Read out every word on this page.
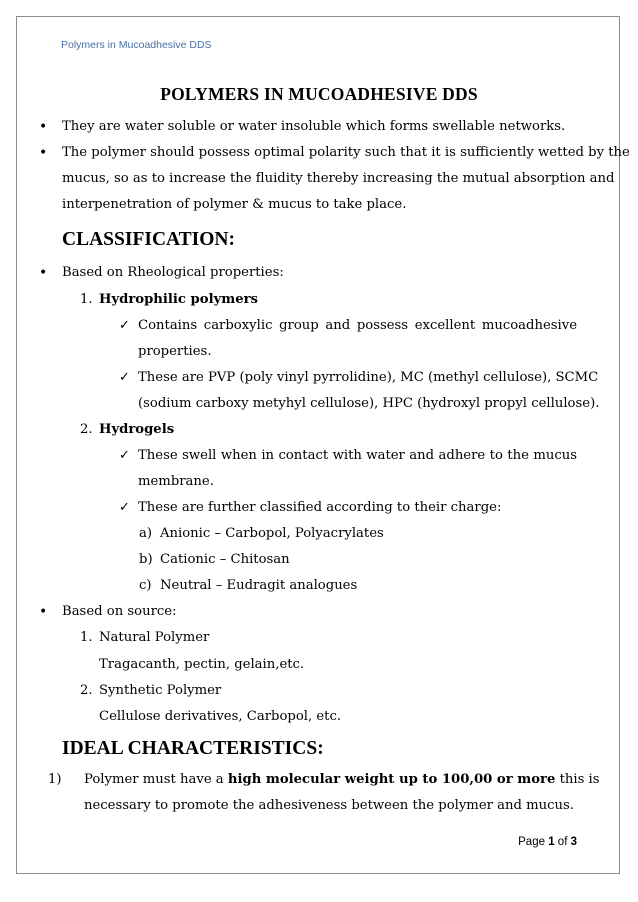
Polymers in Mucoadhesive DDS
POLYMERS IN MUCOADHESIVE DDS
• They are water soluble or water insoluble which forms swellable networks.
• The polymer should possess optimal polarity such that it is sufficiently wetted by the
mucus, so as to increase the fluidity thereby increasing the mutual absorption and
interpenetration of polymer & mucus to take place.
CLASSIFICATION:
• Based on Rheological properties:
1. Hydrophilic polymers
✓ Contains carboxylic group and possess excellent mucoadhesive
properties.
✓ These are PVP (poly vinyl pyrrolidine), MC (methyl cellulose), SCMC
(sodium carboxy metyhyl cellulose), HPC (hydroxyl propyl cellulose).
2. Hydrogels
✓ These swell when in contact with water and adhere to the mucus
membrane.
✓ These are further classified according to their charge:
a) Anionic – Carbopol, Polyacrylates
b) Cationic – Chitosan
c) Neutral – Eudragit analogues
• Based on source:
1. Natural Polymer
Tragacanth, pectin, gelain,etc.
2. Synthetic Polymer
Cellulose derivatives, Carbopol, etc.
IDEAL CHARACTERISTICS:
1) Polymer must have a high molecular weight up to 100,00 or more this is
necessary to promote the adhesiveness between the polymer and mucus.
Page 1 of 3
